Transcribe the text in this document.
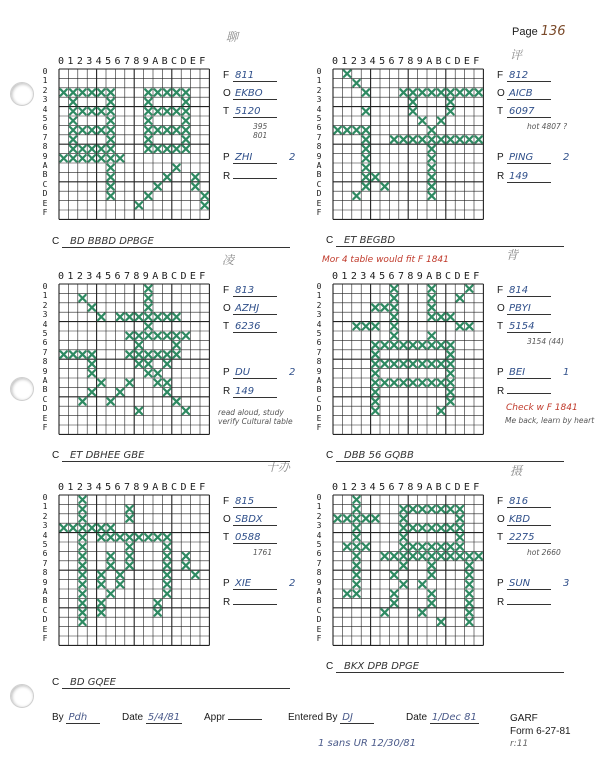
Page 136
聊
评
凌	背
十办	摄
Mor 4 table would fit F 1841
read aloud, study verify Cultural table
Check w F 1841
Me back, learn by heart
0123456789ABCDEF
0
1
2
3
4
5
6
7
8
9
A
B
C
D
E
F
F 811
O EKBO
T 5120
P ZHI	2
R
395
801
C BD BBBD DPBGE
0123456789ABCDEF
0
1
2
3
4
5
6
7
8
9
A
B
C
D
E
F
F 812
O AICB
T 6097
P PING	2
R 149
hot 4807 ?
C ET BEGBD
0123456789ABCDEF
0
1
2
3
4
5
6
7
8
9
A
B
C
D
E
F
F 813
O AZHJ
T 6236
P DU	2
R 149
C ET DBHEE GBE
0123456789ABCDEF
0
1
2
3
4
5
6
7
8
9
A
B
C
D
E
F
F 814
O PBYI
T 5154
P BEI	1
R
3154 (44)
C DBB 56 GQBB
0123456789ABCDEF
0
1
2
3
4
5
6
7
8
9
A
B
C
D
E
F
F 815
O SBDX
T 0588
P XIE	2
R
1761
C BD GQEE
0123456789ABCDEF
0
1
2
3
4
5
6
7
8
9
A
B
C
D
E
F
F 816
O KBD
T 2275
P SUN	3
R
hot 2660
C BKX DPB DPGE
By Pdh	Date 5/4/81 Appr	Entered By DJ	Date 1/Dec 81
1 sans UR 12/30/81
GARF
Form 6-27-81
r:11
